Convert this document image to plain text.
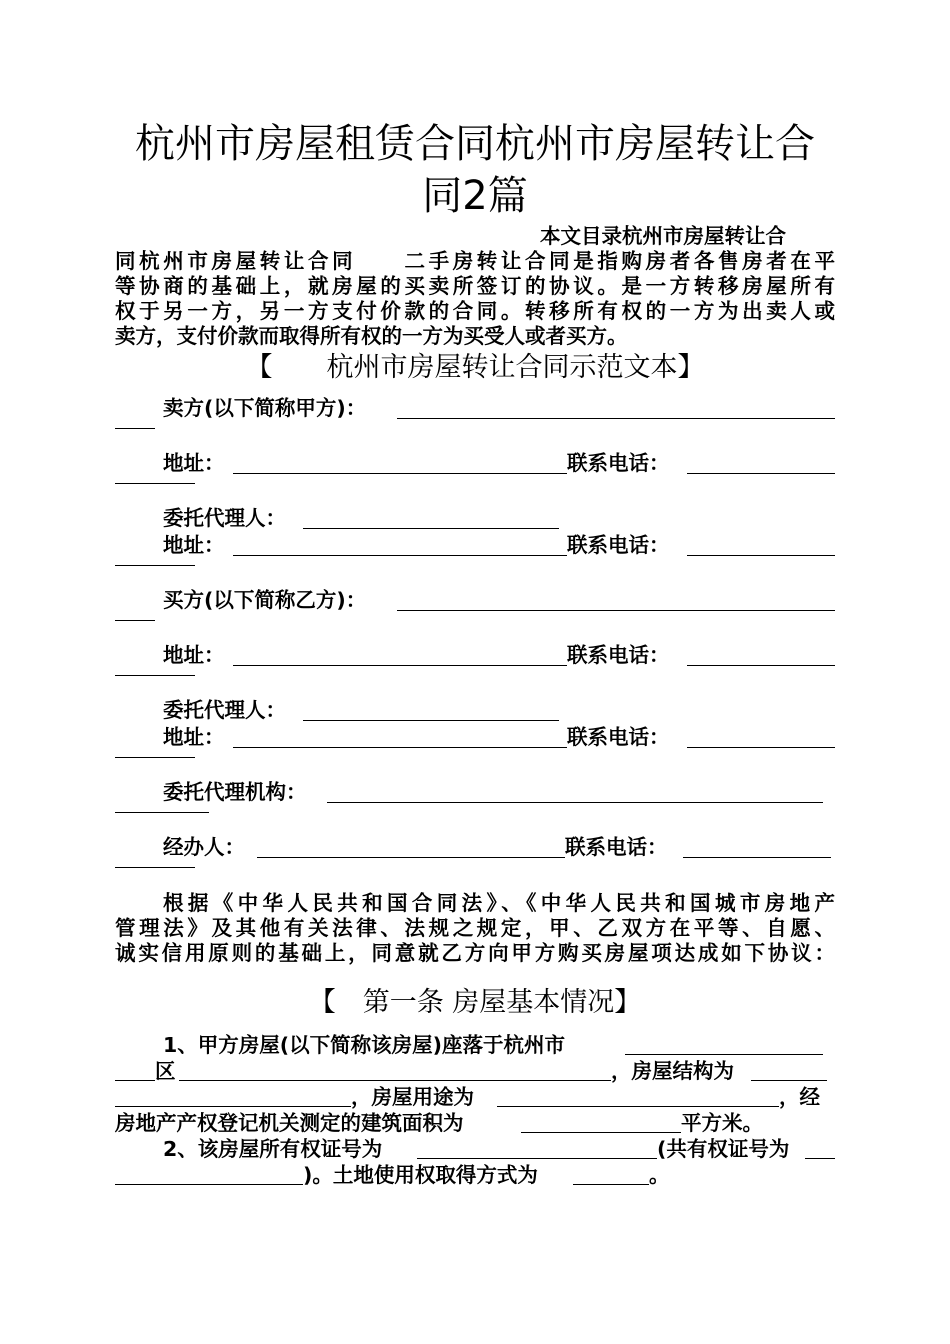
杭州市房屋租赁合同杭州市房屋转让合
同2篇

本文目录杭州市房屋转让合

同杭州市房屋转让合同　　二手房转让合同是指购房者各售房者在平

等协商的基础上，就房屋的买卖所签订的协议。是一方转移房屋所有

权于另一方，另一方支付价款的合同。转移所有权的一方为出卖人或

卖方，支付价款而取得所有权的一方为买受人或者买方。

【　　杭州市房屋转让合同示范文本】

卖方(以下简称甲方)：
地址：	联系电话：
委托代理人：
地址：	联系电话：
买方(以下简称乙方)：
地址：	联系电话：
委托代理人：
地址：	联系电话：
委托代理机构：
经办人：	联系电话：

根据《中华人民共和国合同法》、《中华人民共和国城市房地产

管理法》及其他有关法律、法规之规定，甲、乙双方在平等、自愿、

诚实信用原则的基础上，同意就乙方向甲方购买房屋项达成如下协议：

【　第一条 房屋基本情况】

1、甲方房屋(以下简称该房屋)座落于杭州市
区	，房屋结构为
，房屋用途为	，经
房地产产权登记机关测定的建筑面积为	平方米。
2、该房屋所有权证号为	(共有权证号为
)。土地使用权取得方式为	。
